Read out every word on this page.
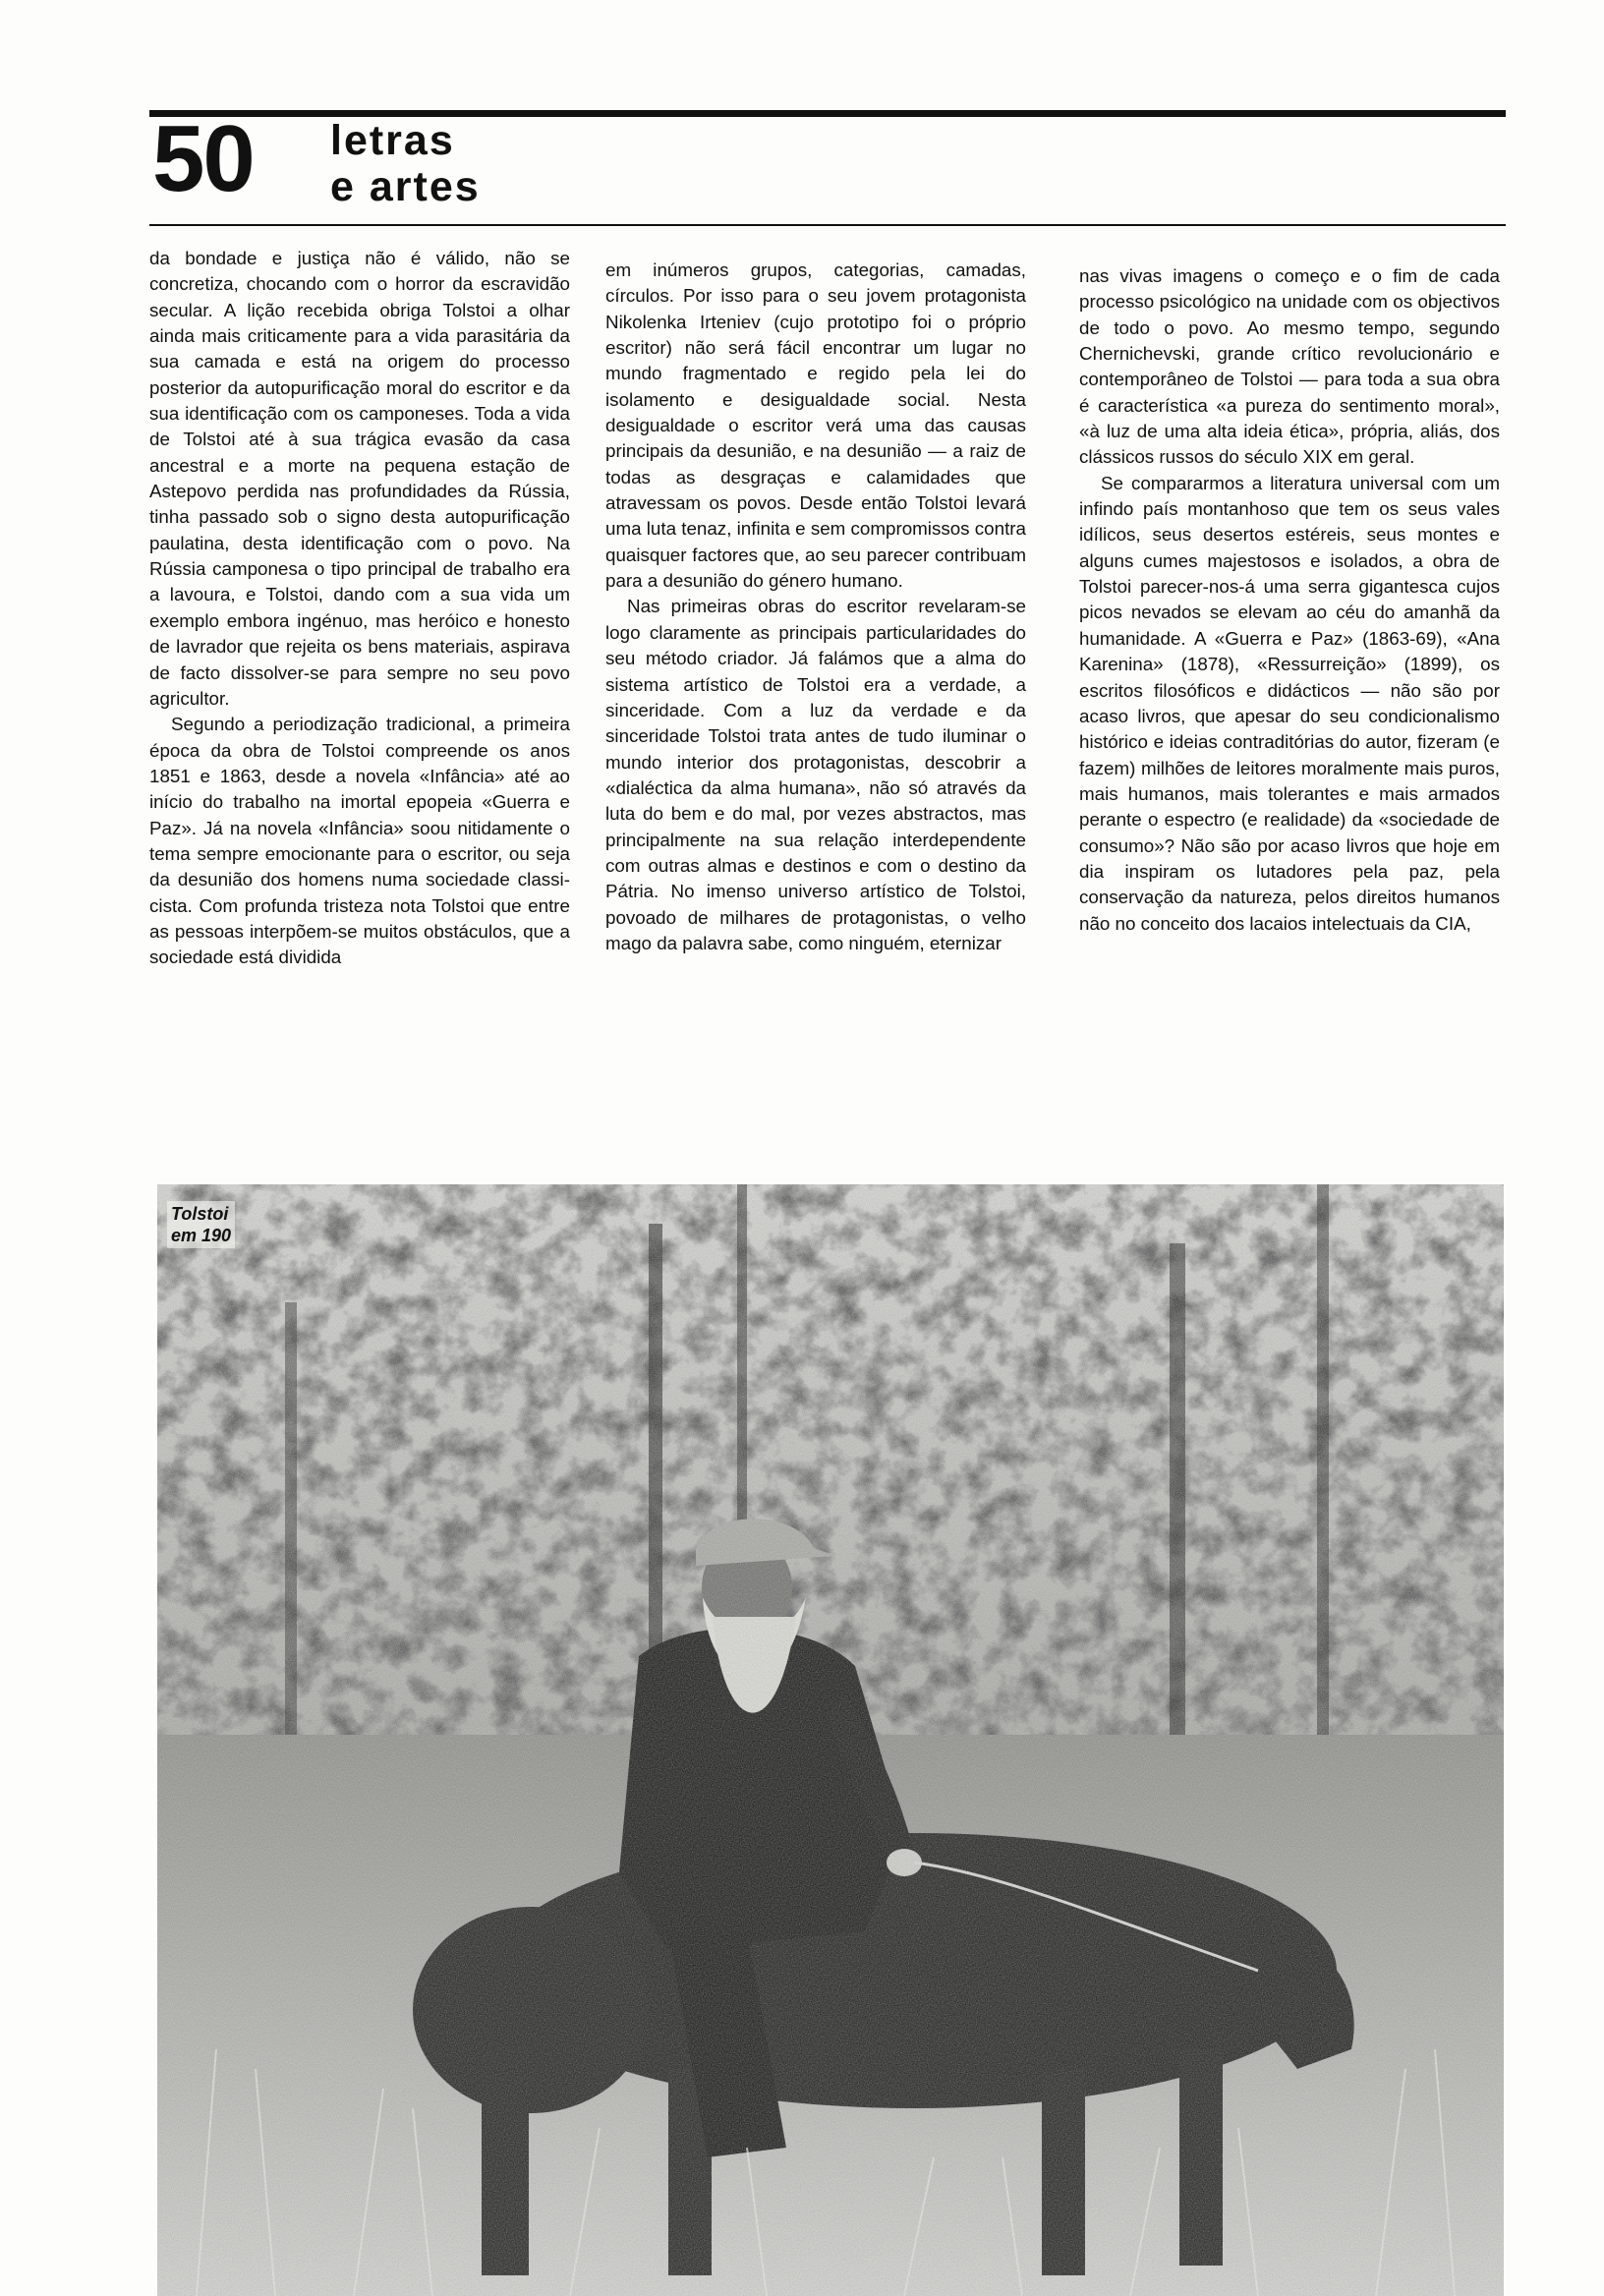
50 letras
e artes

da bondade e justiça não é válido, não se concretiza, chocando com o horror da escravidão secular. A lição recebida obriga Tolstoi a olhar ainda mais criticamente para a vida parasitária da sua camada e está na origem do processo posterior da autopurificação moral do escritor e da sua identificação com os camponeses. Toda a vida de Tolstoi até à sua trágica evasão da casa ancestral e a morte na pequena estação de Astepovo perdida nas profundidades da Rússia, tinha passado sob o signo desta autopurificação paulatina, desta identificação com o povo. Na Rússia camponesa o tipo principal de trabalho era a lavoura, e Tolstoi, dando com a sua vida um exemplo embora ingénuo, mas heróico e honesto de lavrador que rejeita os bens materiais, aspirava de facto dissolver-se para sempre no seu povo agricultor.

Segundo a periodização tradicional, a primeira época da obra de Tolstoi compreende os anos 1851 e 1863, desde a novela «Infância» até ao início do trabalho na imortal epopeia «Guerra e Paz». Já na novela «Infância» soou nitidamente o tema sempre emocionante para o escritor, ou seja da desunião dos homens numa sociedade classicista. Com profunda tristeza nota Tolstoi que entre as pessoas interpõem-se muitos obstáculos, que a sociedade está dividida

em inúmeros grupos, categorias, camadas, círculos. Por isso para o seu jovem protagonista Nikolenka Irteniev (cujo prototipo foi o próprio escritor) não será fácil encontrar um lugar no mundo fragmentado e regido pela lei do isolamento e desigualdade social. Nesta desigualdade o escritor verá uma das causas principais da desunião, e na desunião — a raiz de todas as desgraças e calamidades que atravessam os povos. Desde então Tolstoi levará uma luta tenaz, infinita e sem compromissos contra quaisquer factores que, ao seu parecer contribuam para a desunião do género humano.

Nas primeiras obras do escritor revelaram-se logo claramente as principais particularidades do seu método criador. Já falámos que a alma do sistema artístico de Tolstoi era a verdade, a sinceridade. Com a luz da verdade e da sinceridade Tolstoi trata antes de tudo iluminar o mundo interior dos protagonistas, descobrir a «dialéctica da alma humana», não só através da luta do bem e do mal, por vezes abstractos, mas principalmente na sua relação interdependente com outras almas e destinos e com o destino da Pátria. No imenso universo artístico de Tolstoi, povoado de milhares de protagonistas, o velho mago da palavra sabe, como ninguém, eternizar

nas vivas imagens o começo e o fim de cada processo psicológico na unidade com os objectivos de todo o povo. Ao mesmo tempo, segundo Chernichevski, grande crítico revolucionário e contemporâneo de Tolstoi — para toda a sua obra é característica «a pureza do sentimento moral», «à luz de uma alta ideia ética», própria, aliás, dos clássicos russos do século XIX em geral.

Se compararmos a literatura universal com um infindo país montanhoso que tem os seus vales idílicos, seus desertos estéreis, seus montes e alguns cumes majestosos e isolados, a obra de Tolstoi parecer-nos-á uma serra gigantesca cujos picos nevados se elevam ao céu do amanhã da humanidade. A «Guerra e Paz» (1863-69), «Ana Karenina» (1878), «Ressurreição» (1899), os escritos filosóficos e didácticos — não são por acaso livros, que apesar do seu condicionalismo histórico e ideias contraditórias do autor, fizeram (e fazem) milhões de leitores moralmente mais puros, mais humanos, mais tolerantes e mais armados perante o espectro (e realidade) da «sociedade de consumo»? Não são por acaso livros que hoje em dia inspiram os lutadores pela paz, pela conservação da natureza, pelos direitos humanos não no conceito dos lacaios intelectuais da CIA,

Tolstoi
em 190
